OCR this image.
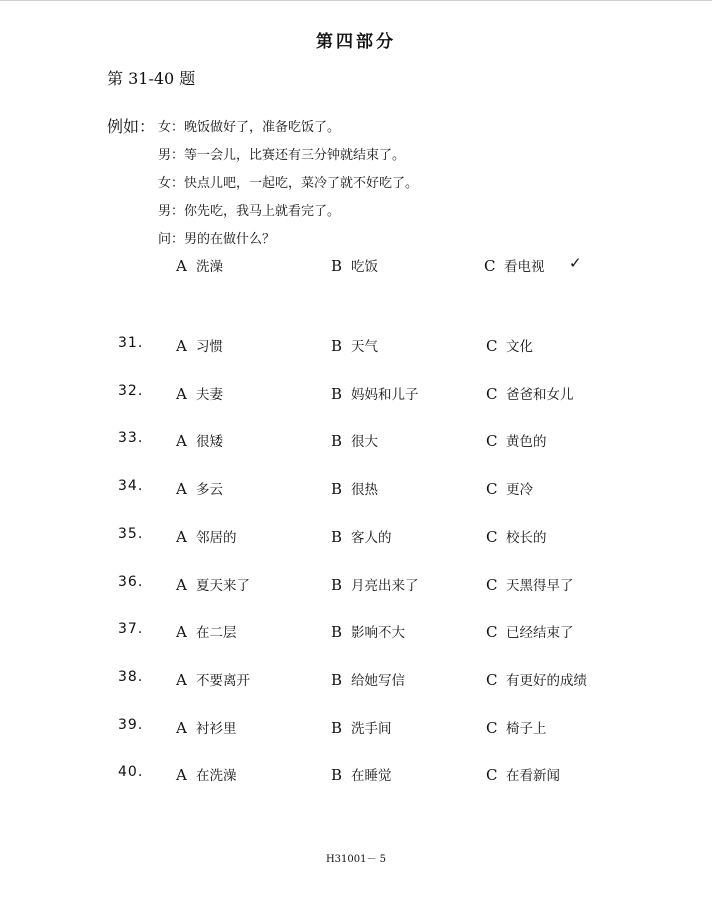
第四部分
第 31-40 题
例如： 女：晚饭做好了，准备吃饭了。
男：等一会儿，比赛还有三分钟就结束了。
女：快点儿吧，一起吃，菜冷了就不好吃了。
男：你先吃，我马上就看完了。
问：男的在做什么？
A 洗澡	B 吃饭	C 看电视 ✓
31. A 习惯	B 天气	C 文化
32. A 夫妻	B 妈妈和儿子	C 爸爸和女儿
33. A 很矮	B 很大	C 黄色的
34. A 多云	B 很热	C 更冷
35. A 邻居的	B 客人的	C 校长的
36. A 夏天来了	B 月亮出来了	C 天黑得早了
37. A 在二层	B 影响不大	C 已经结束了
38. A 不要离开	B 给她写信	C 有更好的成绩
39. A 衬衫里	B 洗手间	C 椅子上
40. A 在洗澡	B 在睡觉	C 在看新闻
H31001－ 5
